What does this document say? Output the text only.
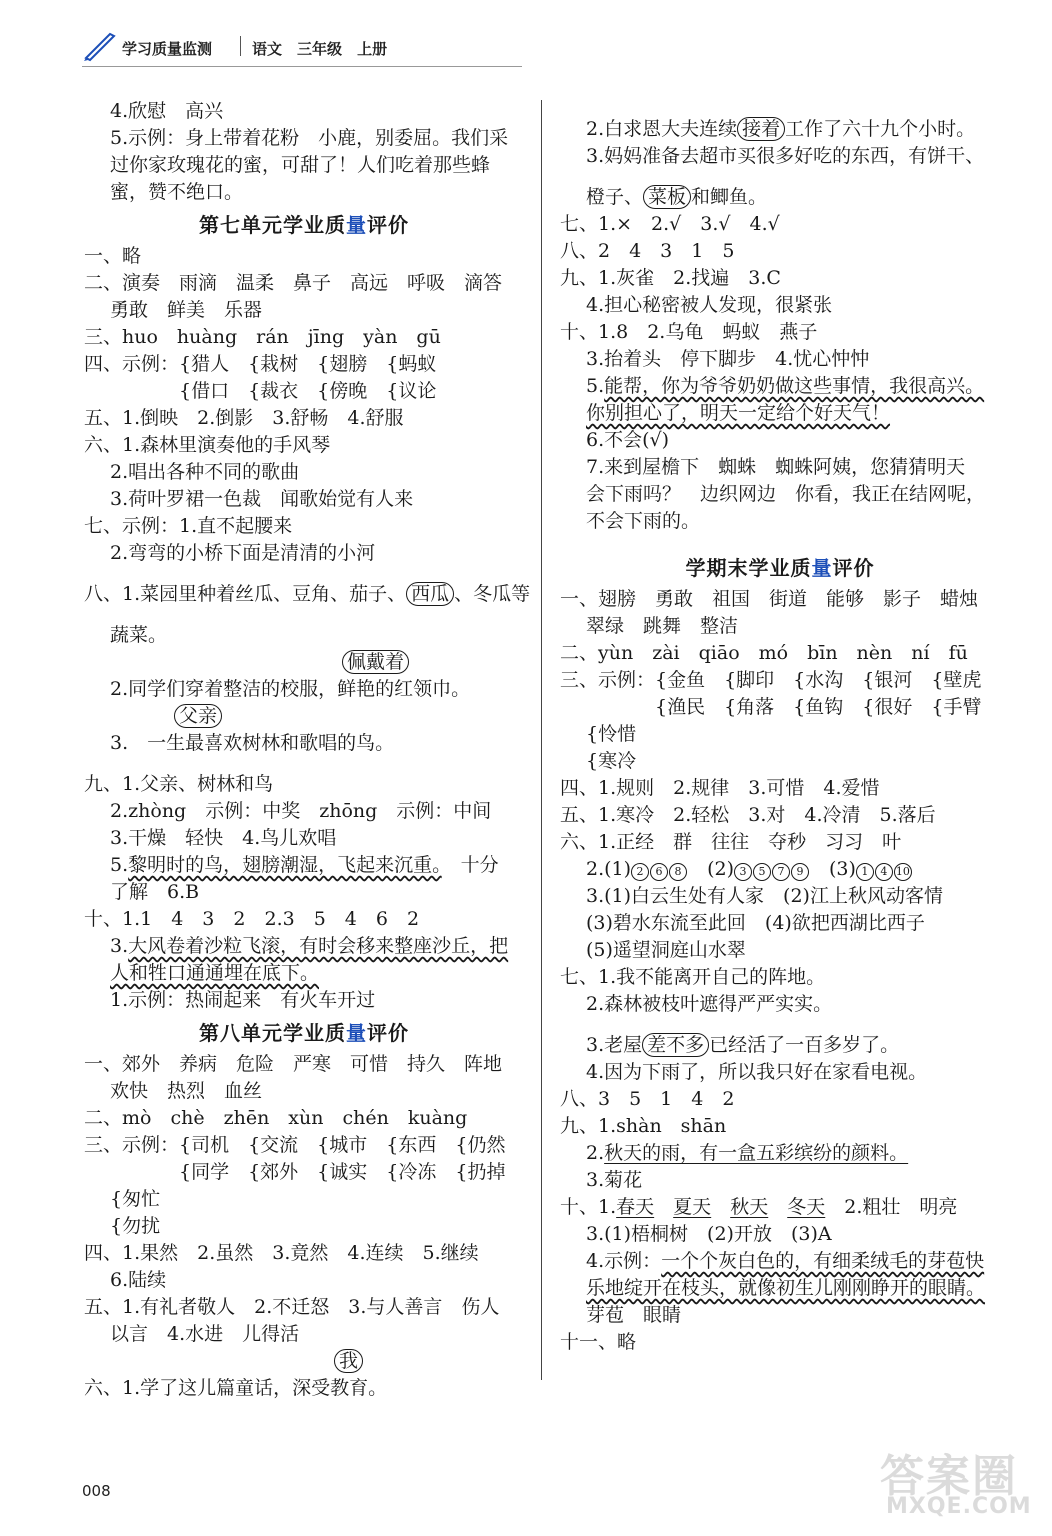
学习质量监测	语文　 三年级　 上册

4.欣慰　高兴

5.示例：身上带着花粉　小鹿，别委屈。我们采

过你家玫瑰花的蜜，可甜了！人们吃着那些蜂

蜜，赞不绝口。

第七单元学业质量评价

一、略

二、演奏　雨滴　温柔　鼻子　高远　呼吸　滴答

勇敢　鲜美　乐器

三、huo　huàng　rán　jīng　yàn　gū

四、示例：{猎人　{栽树　{翅膀　{蚂蚁

　　　　　{借口　{裁衣　{傍晚　{议论

五、1.倒映　2.倒影　3.舒畅　4.舒服

六、1.森林里演奏他的手风琴

2.唱出各种不同的歌曲

3.荷叶罗裙一色裁　闻歌始觉有人来

七、示例：1.直不起腰来

2.弯弯的小桥下面是清清的小河

八、1.菜园里种着丝瓜、豆角、茄子、 西瓜 、冬瓜等

蔬菜。

佩戴着

2.同学们穿着整洁的校服，鲜艳的红领巾。

父亲

3.　一生最喜欢树林和歌唱的鸟。

九、1.父亲、树林和鸟

2.zhòng　示例：中奖　zhōng　示例：中间

3.干燥　轻快　4.鸟儿欢唱

5.黎明时的鸟，翅膀潮湿，飞起来沉重。　十分

了解　6.B

十、1.1　4　3　2　2.3　5　4　6　2

3.大风卷着沙粒飞滚，有时会移来整座沙丘，把

人和牲口通通埋在底下。

1.示例：热闹起来　有火车开过

第八单元学业质量评价

一、郊外　养病　危险　严寒　可惜　持久　阵地

欢快　热烈　血丝

二、mò　chè　zhēn　xùn　chén　kuàng

三、示例：{司机　{交流　{城市　{东西　{仍然

　　　　　{同学　{郊外　{诚实　{冷冻　{扔掉

{匆忙

{勿扰

四、1.果然　2.虽然　3.竟然　4.连续　5.继续

6.陆续

五、1.有礼者敬人　2.不迁怒　3.与人善言　伤人

以言　4.水进　儿得活

我

六、1.学了这儿篇童话，深受教育。

2.白求恩大夫连续 接着 工作了六十九个小时。

3.妈妈准备去超市买很多好吃的东西，有饼干、

橙子、 菜板 和鲫鱼。

七、1.×　2.√　3.√　4.√

八、2　4　3　1　5

九、1.灰雀　2.找遍　3.C

4.担心秘密被人发现，很紧张

十、1.8　2.乌龟　蚂蚁　燕子

3.抬着头　停下脚步　4.忧心忡忡

5.能帮，你为爷爷奶奶做这些事情，我很高兴。

你别担心了，明天一定给个好天气！

6.不会(√)

7.来到屋檐下　蜘蛛　蜘蛛阿姨，您猜猜明天

会下雨吗？　边织网边　你看，我正在结网呢，

不会下雨的。

学期末学业质量评价

一、翅膀　勇敢　祖国　街道　能够　影子　蜡烛

翠绿　跳舞　整洁

二、yùn　zài　qiāo　mó　bīn　nèn　ní　fū

三、示例：{金鱼　{脚印　{水沟　{银河　{壁虎

　　　　　{渔民　{角落　{鱼钩　{很好　{手臂

{怜惜

{寒冷

四、1.规则　2.规律　3.可惜　4.爱惜

五、1.寒冷　2.轻松　3.对　4.冷清　5.落后

六、1.正经　群　往往　夺秒　习习　叶

2.(1) 2 6 8　 (2) 3 5 7 9　 (3) 1 4 10

3.(1)白云生处有人家　(2)江上秋风动客情

(3)碧水东流至此回　(4)欲把西湖比西子

(5)遥望洞庭山水翠

七、1.我不能离开自己的阵地。

2.森林被枝叶遮得严严实实。

3.老屋 差不多 已经活了一百多岁了。

4.因为下雨了，所以我只好在家看电视。

八、3　5　1　4　2

九、1.shàn　shān

2.秋天的雨，有一盒五彩缤纷的颜料。

3.菊花

十、1.春天　 夏天　 秋天　 冬天　2.粗壮　明亮

3.(1)梧桐树　(2)开放　(3)A

4.示例：一个个灰白色的，有细柔绒毛的芽苞快

乐地绽开在枝头，就像初生儿刚刚睁开的眼睛。

芽苞　眼睛

十一、略

008	答案圈
MXQE.COM
